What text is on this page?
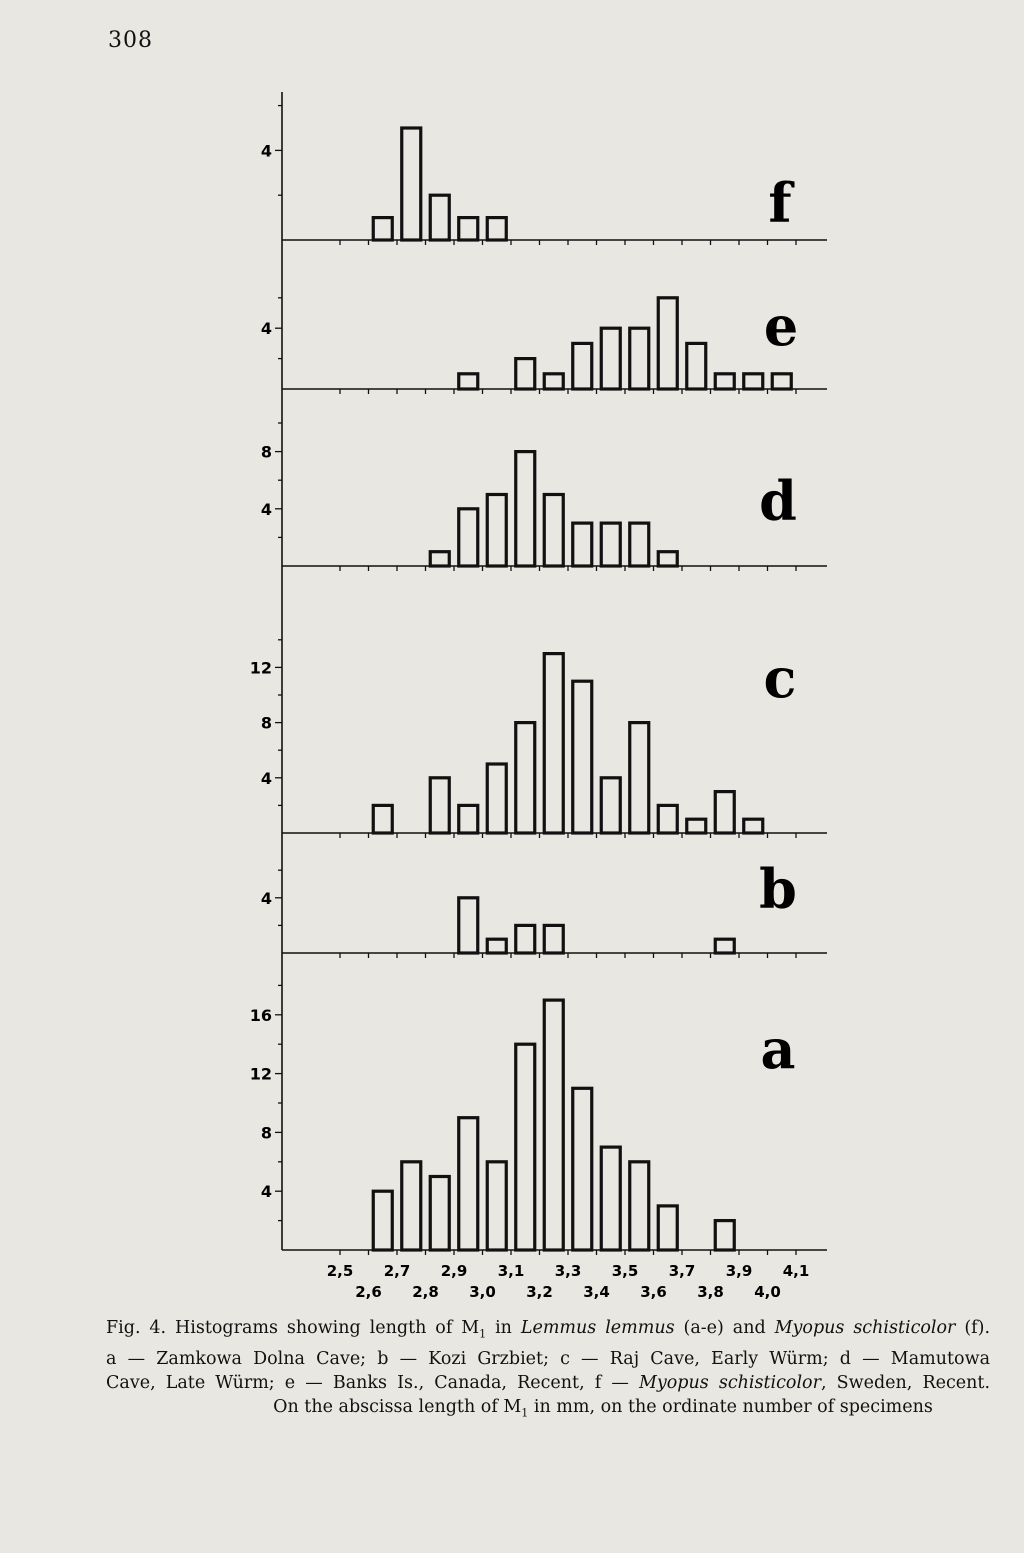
308
4
f
4	e
8
4	d
12
8
4
c
4	b
16
12
8
4
a
2,5 2,7 2,9 3,1 3,3 3,5 3,7 3,9 4,1
2,6 2,8 3,0 3,2 3,4 3,6 3,8 4,0
Fig. 4. Histograms showing length of $M_1$ in Lemmus lemmus (a-e) and Myopus schisticolor (f).
a — Zamkowa Dolna Cave; b — Kozi Grzbiet; c — Raj Cave, Early Würm; d — Mamutowa
Cave, Late Würm; e — Banks Is., Canada, Recent, f — Myopus schisticolor, Sweden, Recent.
On the abscissa length of $M_1$ in mm, on the ordinate number of specimens
